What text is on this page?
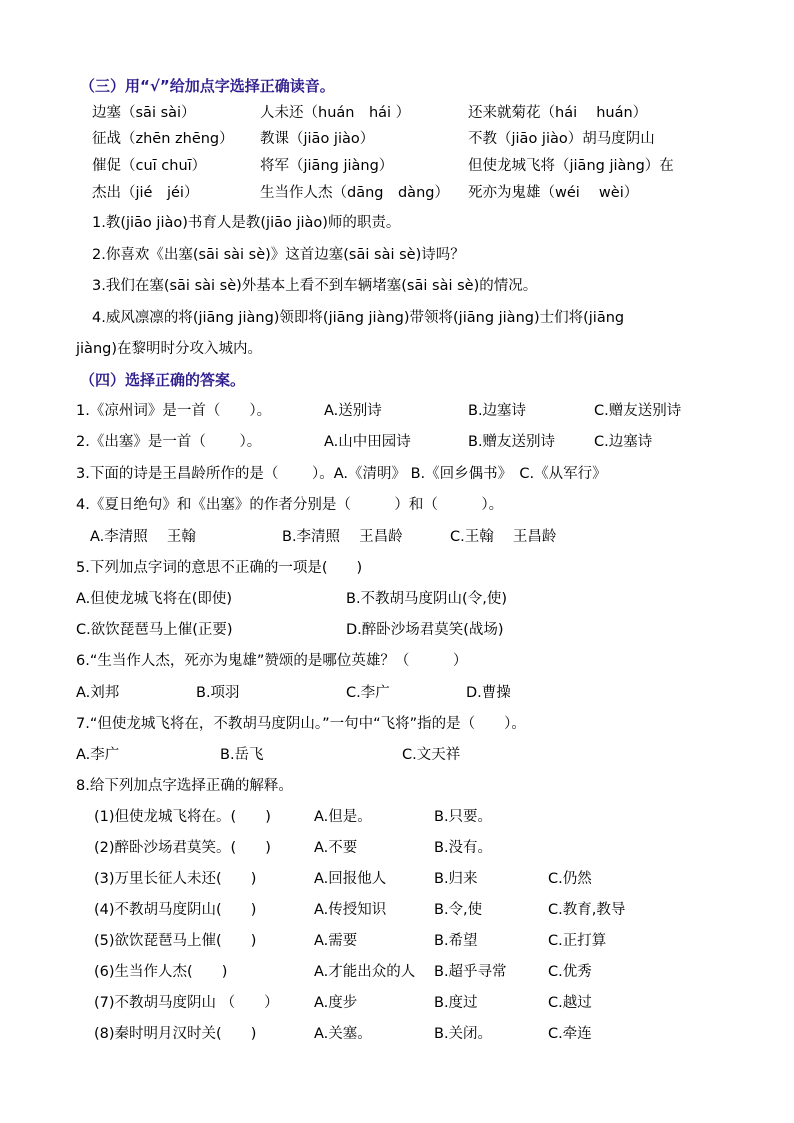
（三）用“√”给加点字选择正确读音。
边塞（sāi sài）	人未还（huán　hái ）	还来就菊花（hái　 huán）
征战（zhēn zhēng） 教课（jiāo jiào）	不教（jiāo jiào）胡马度阴山
催促（cuī chuī）	将军（jiāng jiàng）	但使龙城飞将（jiāng jiàng）在
杰出（jié　jéi）	生当作人杰（dāng　dàng） 死亦为鬼雄（wéi　 wèi）
1.教(jiāo jiào)书育人是教(jiāo jiào)师的职责。
2.你喜欢《出塞(sāi sài sè)》这首边塞(sāi sài sè)诗吗？
3.我们在塞(sāi sài sè)外基本上看不到车辆堵塞(sāi sài sè)的情况。
4.威风凛凛的将(jiāng jiàng)领即将(jiāng jiàng)带领将(jiāng jiàng)士们将(jiāng
jiàng)在黎明时分攻入城内。
（四）选择正确的答案。
1.《凉州词》是一首（　　）。	A.送别诗	B.边塞诗	C.赠友送别诗
2.《出塞》是一首（　　 ）。	A.山中田园诗	B.赠友送别诗	C.边塞诗
3.下面的诗是王昌龄所作的是（　　 ）。A.《清明》 B.《回乡偶书》　C.《从军行》
4.《夏日绝句》和《出塞》的作者分别是（　　　）和（　　　）。
A.李清照　 王翰	B.李清照　 王昌龄	C.王翰　 王昌龄
5.下列加点字词的意思不正确的一项是(　　)
A.但使龙城飞将在(即使)	B.不教胡马度阴山(令,使)
C.欲饮琵琶马上催(正要)	D.醉卧沙场君莫笑(战场)
6.“生当作人杰，死亦为鬼雄”赞颂的是哪位英雄？（　　　）
A.刘邦	B.项羽	C.李广	D.曹操
7.“但使龙城飞将在，不教胡马度阴山。”一句中“飞将”指的是（　　）。
A.李广	B.岳飞	C.文天祥
8.给下列加点字选择正确的解释。
(1)但使龙城飞将在。(　　)	A.但是。	B.只要。
(2)醉卧沙场君莫笑。(　　)	A.不要	B.没有。
(3)万里长征人未还(　　)	A.回报他人	B.归来	C.仍然
(4)不教胡马度阴山(　　)	A.传授知识	B.令,使	C.教育,教导
(5)欲饮琵琶马上催(　　)	A.需要	B.希望	C.正打算
(6)生当作人杰(　　)	A.才能出众的人 B.超乎寻常	C.优秀
(7)不教胡马度阴山 （　　） A.度步	B.度过	C.越过
(8)秦时明月汉时关(　　)	A.关塞。	B.关闭。	C.牵连
